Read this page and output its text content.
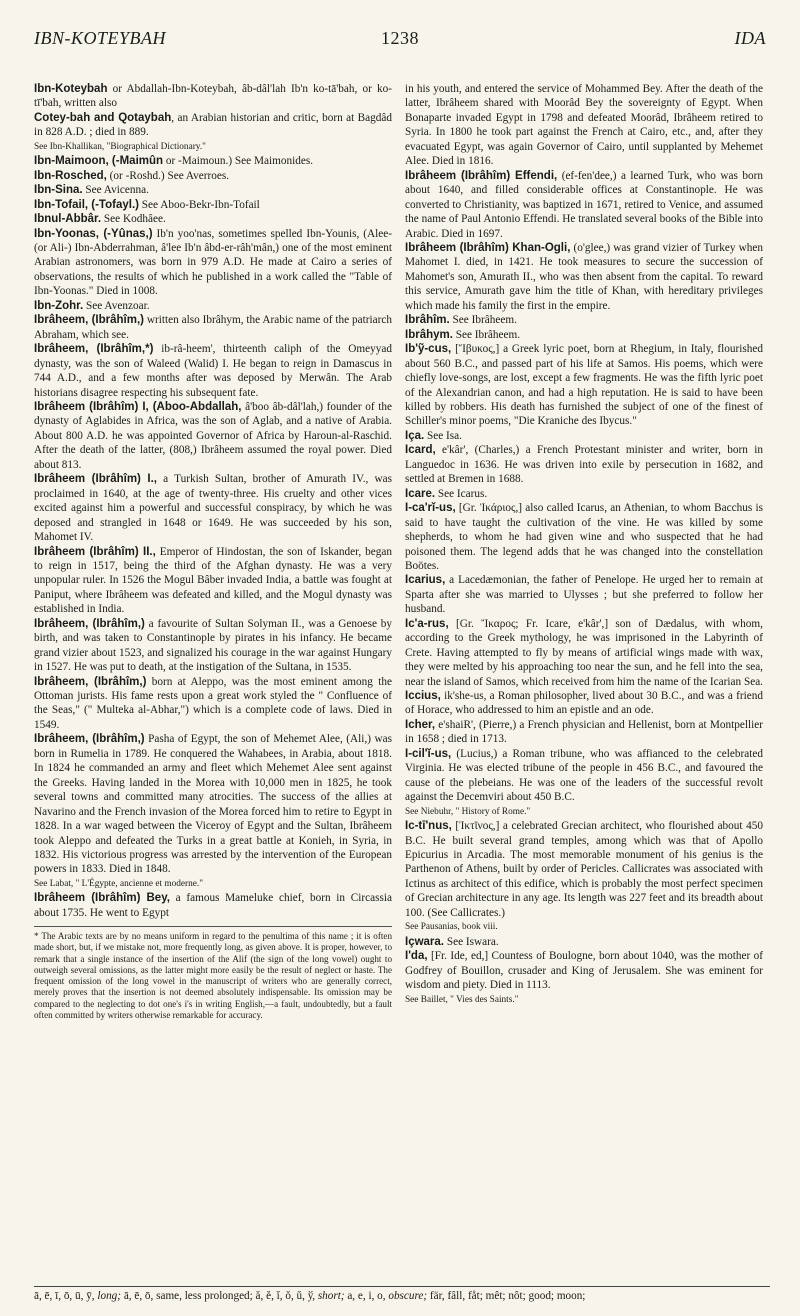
IBN-KOTEYBAH	1238	IDA

Ibn-Koteybah or Abdallah-Ibn-Koteybah, âb-dâl'lah Ib'n ko-tā'bah, or ko-tī'bah, written also

Cotey-bah and Qotaybah, an Arabian historian and critic, born at Bagdâd in 828 A.D. ; died in 889.

See Ibn-Khallikan, "Biographical Dictionary."

Ibn-Maimoon, (-Maimûn or -Maimoun.) See Maimonides.

Ibn-Rosched, (or -Roshd.) See Averroes.

Ibn-Sina. See Avicenna.

Ibn-Tofail, (-Tofayl.) See Aboo-Bekr-Ibn-Tofail

Ibnul-Abbâr. See Kodhâee.

Ibn-Yoonas, (-Yûnas,) Ib'n yoo'nas, sometimes spelled Ibn-Younis, (Alee- (or Ali-) Ibn-Abderrahman, â'lee Ib'n âbd-er-râh'mân,) one of the most eminent Arabian astronomers, was born in 979 A.D. He made at Cairo a series of observations, the results of which he published in a work called the "Table of Ibn-Yoonas." Died in 1008.

Ibn-Zohr. See Avenzoar.

Ibrâheem, (Ibrâhîm,) written also Ibrâhym, the Arabic name of the patriarch Abraham, which see.

Ibrâheem, (Ibrâhîm,*) ib-râ-heem', thirteenth caliph of the Omeyyad dynasty, was the son of Waleed (Walid) I. He began to reign in Damascus in 744 A.D., and a few months after was deposed by Merwân. The Arab historians disagree respecting his subsequent fate.

Ibrâheem (Ibrâhîm) I, (Aboo-Abdallah, â'boo âb-dâl'lah,) founder of the dynasty of Aglabides in Africa, was the son of Aglab, and a native of Arabia. About 800 A.D. he was appointed Governor of Africa by Haroun-al-Raschid. After the death of the latter, (808,) Ibrâheem assumed the royal power. Died about 813.

Ibrâheem (Ibrâhîm) I., a Turkish Sultan, brother of Amurath IV., was proclaimed in 1640, at the age of twenty-three. His cruelty and other vices excited against him a powerful and successful conspiracy, by which he was deposed and strangled in 1648 or 1649. He was succeeded by his son, Mahomet IV.

Ibrâheem (Ibrâhîm) II., Emperor of Hindostan, the son of Iskander, began to reign in 1517, being the third of the Afghan dynasty. He was a very unpopular ruler. In 1526 the Mogul Bâber invaded India, a battle was fought at Paniput, where Ibrâheem was defeated and killed, and the Mogul dynasty was established in India.

Ibrâheem, (Ibrâhîm,) a favourite of Sultan Solyman II., was a Genoese by birth, and was taken to Constantinople by pirates in his infancy. He became grand vizier about 1523, and signalized his courage in the war against Hungary in 1527. He was put to death, at the instigation of the Sultana, in 1535.

Ibrâheem, (Ibrâhîm,) born at Aleppo, was the most eminent among the Ottoman jurists. His fame rests upon a great work styled the " Confluence of the Seas," (" Multeka al-Abhar,") which is a complete code of laws. Died in 1549.

Ibrâheem, (Ibrâhîm,) Pasha of Egypt, the son of Mehemet Alee, (Ali,) was born in Rumelia in 1789. He conquered the Wahabees, in Arabia, about 1818. In 1824 he commanded an army and fleet which Mehemet Alee sent against the Greeks. Having landed in the Morea with 10,000 men in 1825, he took several towns and committed many atrocities. The success of the allies at Navarino and the French invasion of the Morea forced him to retire to Egypt in 1828. In a war waged between the Viceroy of Egypt and the Sultan, Ibrâheem took Aleppo and defeated the Turks in a great battle at Konieh, in Syria, in 1832. His victorious progress was arrested by the intervention of the European powers in 1833. Died in 1848.

See Labat, " L'Égypte, ancienne et moderne."

Ibrâheem (Ibrâhîm) Bey, a famous Mameluke chief, born in Circassia about 1735. He went to Egypt

* The Arabic texts are by no means uniform in regard to the penultima of this name ; it is often made short, but, if we mistake not, more frequently long, as given above. It is proper, however, to remark that a single instance of the insertion of the Alif (the sign of the long vowel) ought to outweigh several omissions, as the latter might more easily be the result of neglect or haste. The frequent omission of the long vowel in the manuscript of writers who are generally correct, merely proves that the insertion is not deemed absolutely indispensable. Its omission may be compared to the neglecting to dot one's i's in writing English,—a fault, undoubtedly, but a fault often committed by writers otherwise remarkable for accuracy.

in his youth, and entered the service of Mohammed Bey. After the death of the latter, Ibrâheem shared with Moorâd Bey the sovereignty of Egypt. When Bonaparte invaded Egypt in 1798 and defeated Moorâd, Ibrâheem retired to Syria. In 1800 he took part against the French at Cairo, etc., and, after they evacuated Egypt, was again Governor of Cairo, until supplanted by Mehemet Alee. Died in 1816.

Ibrâheem (Ibrâhîm) Effendi, (ef-fen'dee,) a learned Turk, who was born about 1640, and filled considerable offices at Constantinople. He was converted to Christianity, was baptized in 1671, retired to Venice, and assumed the name of Paul Antonio Effendi. He translated several books of the Bible into Arabic. Died in 1697.

Ibrâheem (Ibrâhîm) Khan-Ogli, (o'glee,) was grand vizier of Turkey when Mahomet I. died, in 1421. He took measures to secure the succession of Mahomet's son, Amurath II., who was then absent from the capital. To reward this service, Amurath gave him the title of Khan, with hereditary privileges which made his family the first in the empire.

Ibrâhîm. See Ibrâheem.

Ibrâhym. See Ibrâheem.

Ib'ỹ-cus, [Ἴβυκος,] a Greek lyric poet, born at Rhegium, in Italy, flourished about 560 B.C., and passed part of his life at Samos. His poems, which were chiefly love-songs, are lost, except a few fragments. He was the fifth lyric poet of the Alexandrian canon, and had a high reputation. He is said to have been killed by robbers. His death has furnished the subject of one of the finest of Schiller's minor poems, "Die Kraniche des Ibycus."

Iça. See Isa.

Icard, e'kâr', (Charles,) a French Protestant minister and writer, born in Languedoc in 1636. He was driven into exile by persecution in 1682, and settled at Bremen in 1688.

Icare. See Icarus.

I-ca'rĭ-us, [Gr. Ἰκάριος,] also called Icarus, an Athenian, to whom Bacchus is said to have taught the cultivation of the vine. He was killed by some shepherds, to whom he had given wine and who suspected that he had poisoned them. The legend adds that he was changed into the constellation Boötes.

Icarius, a Lacedæmonian, the father of Penelope. He urged her to remain at Sparta after she was married to Ulysses ; but she preferred to follow her husband.

Ic'a-rus, [Gr. Ἴκαρος; Fr. Icare, e'kâr',] son of Dædalus, with whom, according to the Greek mythology, he was imprisoned in the Labyrinth of Crete. Having attempted to fly by means of artificial wings made with wax, they were melted by his approaching too near the sun, and he fell into the sea, near the island of Samos, which received from him the name of the Icarian Sea.

Iccius, ik'she-us, a Roman philosopher, lived about 30 B.C., and was a friend of Horace, who addressed to him an epistle and an ode.

Icher, e'shaiR', (Pierre,) a French physician and Hellenist, born at Montpellier in 1658 ; died in 1713.

I-cil'ĭ-us, (Lucius,) a Roman tribune, who was affianced to the celebrated Virginia. He was elected tribune of the people in 456 B.C., and favoured the cause of the plebeians. He was one of the leaders of the successful revolt against the Decemviri about 450 B.C.

See Niebuhr, " History of Rome."

Ic-tī'nus, [Ἰκτῖνος,] a celebrated Grecian architect, who flourished about 450 B.C. He built several grand temples, among which was that of Apollo Epicurius in Arcadia. The most memorable monument of his genius is the Parthenon of Athens, built by order of Pericles. Callicrates was associated with Ictinus as architect of this edifice, which is probably the most perfect specimen of Grecian architecture in any age. Its length was 227 feet and its breadth about 100. (See Callicrates.)

See Pausanias, book viii.

Içwara. See Iswara.

I'da, [Fr. Ide, ed,] Countess of Boulogne, born about 1040, was the mother of Godfrey of Bouillon, crusader and King of Jerusalem. She was eminent for wisdom and piety. Died in 1113.

See Baillet, " Vies des Saints."

ā, ē, ī, ō, ū, ȳ, long; ā, ē, ō, same, less prolonged; ă, ĕ, ĭ, ŏ, ŭ, ў, short; a, e, i, o, obscure; fär, fâll, fåt; mêt; nôt; good; moon;
